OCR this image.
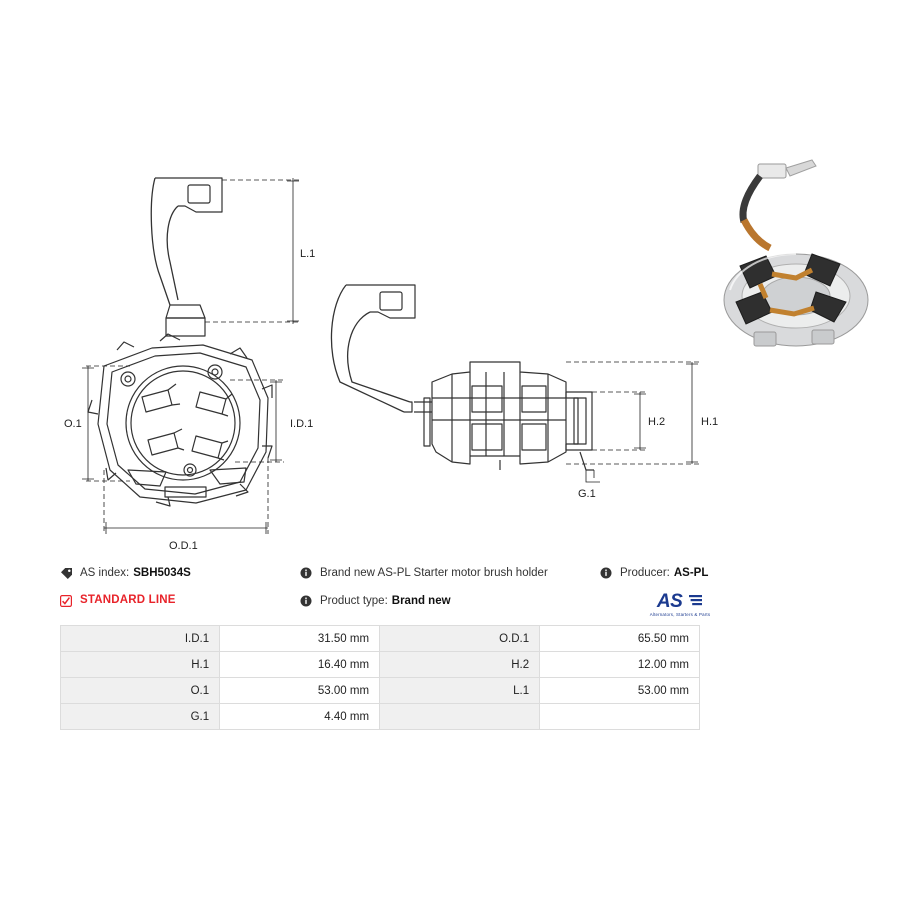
L.1
O.1	I.D.1
O.D.1
H.2	H.1
G.1
AS index: SBH5034S	Brand new AS-PL Starter motor brush holder	Producer: AS-PL
STANDARD LINE	Product type: Brand new	AS
Alternators, Starters & Parts
I.D.1	31.50 mm	O.D.1	65.50 mm
H.1	16.40 mm	H.2	12.00 mm
O.1	53.00 mm	L.1	53.00 mm
G.1	4.40 mm		
